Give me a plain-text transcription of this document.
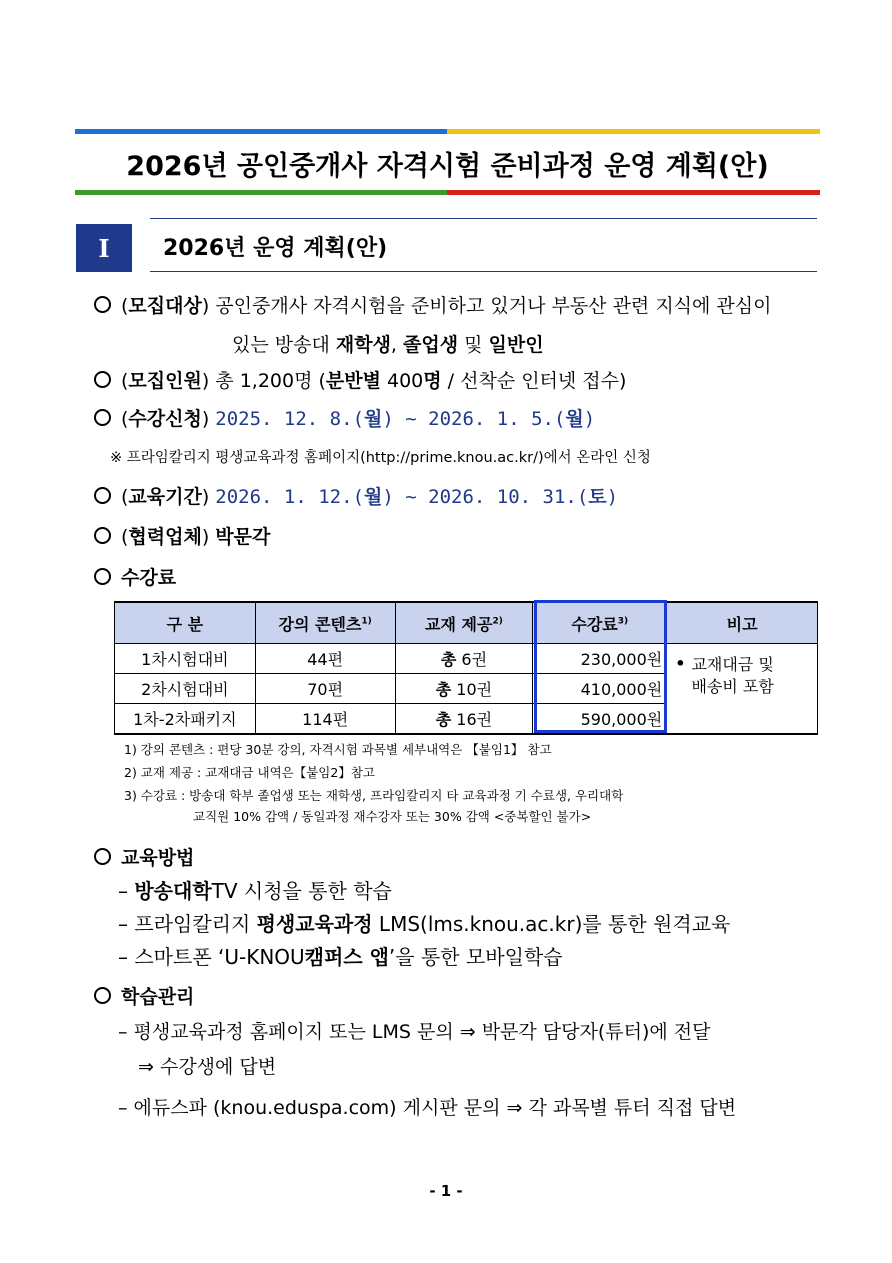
2026년 공인중개사 자격시험 준비과정 운영 계획(안)
I	2026년 운영 계획(안)
(모집대상) 공인중개사 자격시험을 준비하고 있거나 부동산 관련 지식에 관심이
있는 방송대 재학생, 졸업생 및 일반인
(모집인원) 총 1,200명 (분반별 400명 / 선착순 인터넷 접수)
(수강신청) 2025. 12. 8.(월) ~ 2026. 1. 5.(월)
※ 프라임칼리지 평생교육과정 홈페이지(http://prime.knou.ac.kr/)에서 온라인 신청
(교육기간) 2026. 1. 12.(월) ~ 2026. 10. 31.(토)
(협력업체) 박문각
수강료
구 분	강의 콘텐츠$^{1)}$	교재 제공$^{2)}$	수강료$^{3)}$	비고
1차시험대비	44편	총 6권	230,000원	• 교재대금 및
배송비 포함

2차시험대비	70편	총 10권	410,000원	
1차-2차패키지	114편	총 16권	590,000원	
1) 강의 콘텐츠 : 편당 30분 강의, 자격시험 과목별 세부내역은 【붙임1】 참고
2) 교재 제공 : 교재대금 내역은【붙임2】참고
3) 수강료 : 방송대 학부 졸업생 또는 재학생, 프라임칼리지 타 교육과정 기 수료생, 우리대학
교직원 10% 감액 / 동일과정 재수강자 또는 30% 감액 <중복할인 불가>
교육방법
– 방송대학TV 시청을 통한 학습
– 프라임칼리지 평생교육과정 LMS(lms.knou.ac.kr)를 통한 원격교육
– 스마트폰 ‘U-KNOU캠퍼스 앱’을 통한 모바일학습
학습관리
– 평생교육과정 홈페이지 또는 LMS 문의 ⇒ 박문각 담당자(튜터)에 전달
⇒ 수강생에 답변
– 에듀스파 (knou.eduspa.com) 게시판 문의 ⇒ 각 과목별 튜터 직접 답변
- 1 -
